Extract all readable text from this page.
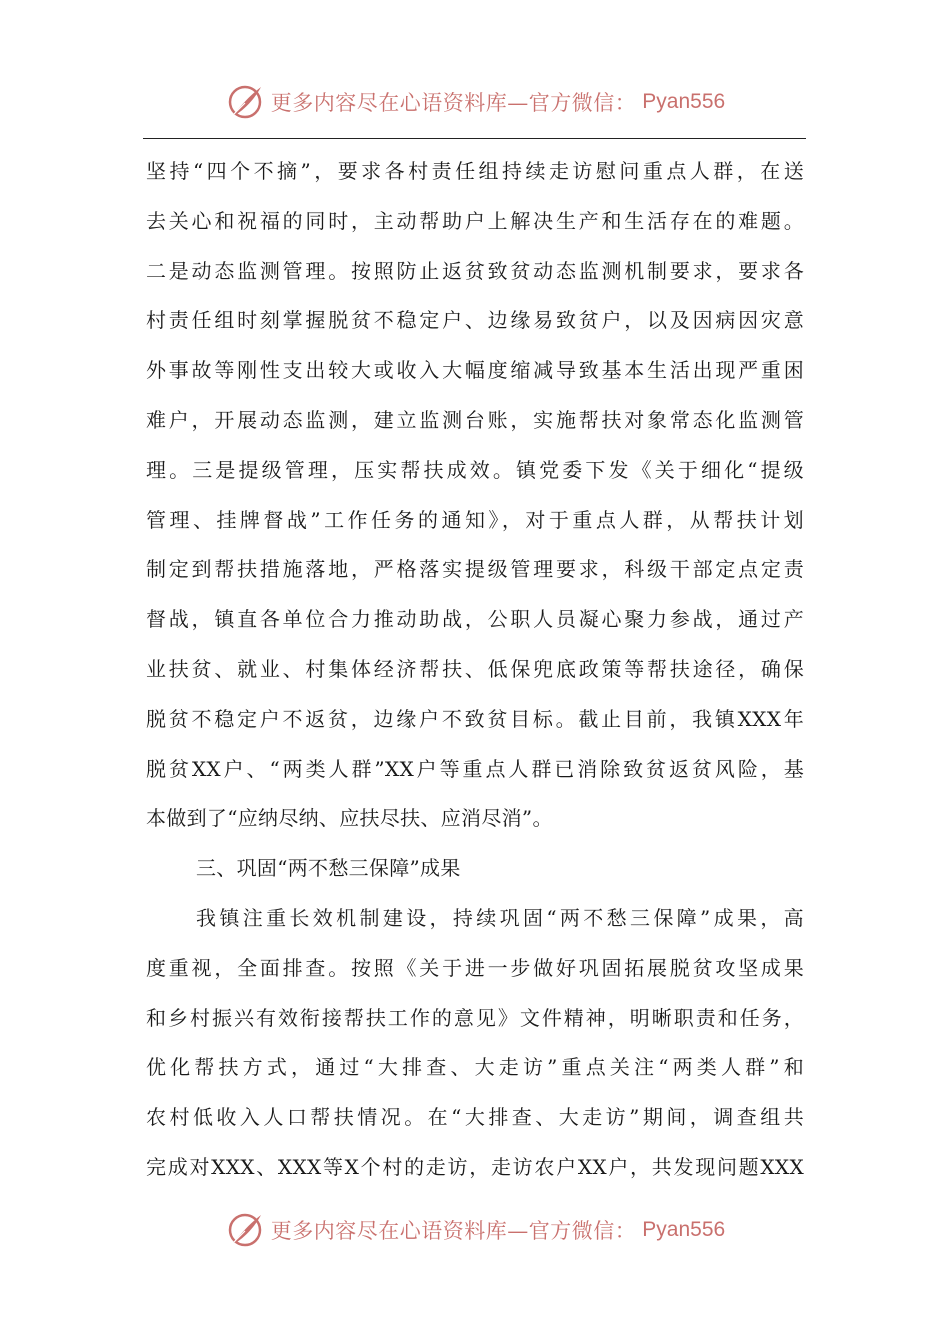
更多内容尽在心语资料库—官方微信： Pyan556
坚持“四个不摘”，要求各村责任组持续走访慰问重点人群，在送
去关心和祝福的同时，主动帮助户上解决生产和生活存在的难题。
二是动态监测管理。按照防止返贫致贫动态监测机制要求，要求各
村责任组时刻掌握脱贫不稳定户、边缘易致贫户，以及因病因灾意
外事故等刚性支出较大或收入大幅度缩减导致基本生活出现严重困
难户，开展动态监测，建立监测台账，实施帮扶对象常态化监测管
理。三是提级管理，压实帮扶成效。镇党委下发《关于细化“提级
管理、挂牌督战”工作任务的通知》，对于重点人群，从帮扶计划
制定到帮扶措施落地，严格落实提级管理要求，科级干部定点定责
督战，镇直各单位合力推动助战，公职人员凝心聚力参战，通过产
业扶贫、就业、村集体经济帮扶、低保兜底政策等帮扶途径，确保
脱贫不稳定户不返贫，边缘户不致贫目标。截止目前，我镇XXX年
脱贫XX户、“两类人群”XX户等重点人群已消除致贫返贫风险，基
本做到了“应纳尽纳、应扶尽扶、应消尽消”。
三、巩固“两不愁三保障”成果
我镇注重长效机制建设，持续巩固“两不愁三保障”成果，高
度重视，全面排查。按照《关于进一步做好巩固拓展脱贫攻坚成果
和乡村振兴有效衔接帮扶工作的意见》文件精神，明晰职责和任务，
优化帮扶方式，通过“大排查、大走访”重点关注“两类人群”和
农村低收入人口帮扶情况。在“大排查、大走访”期间，调查组共
完成对XXX、XXX等X个村的走访，走访农户XX户，共发现问题XXX
更多内容尽在心语资料库—官方微信： Pyan556
